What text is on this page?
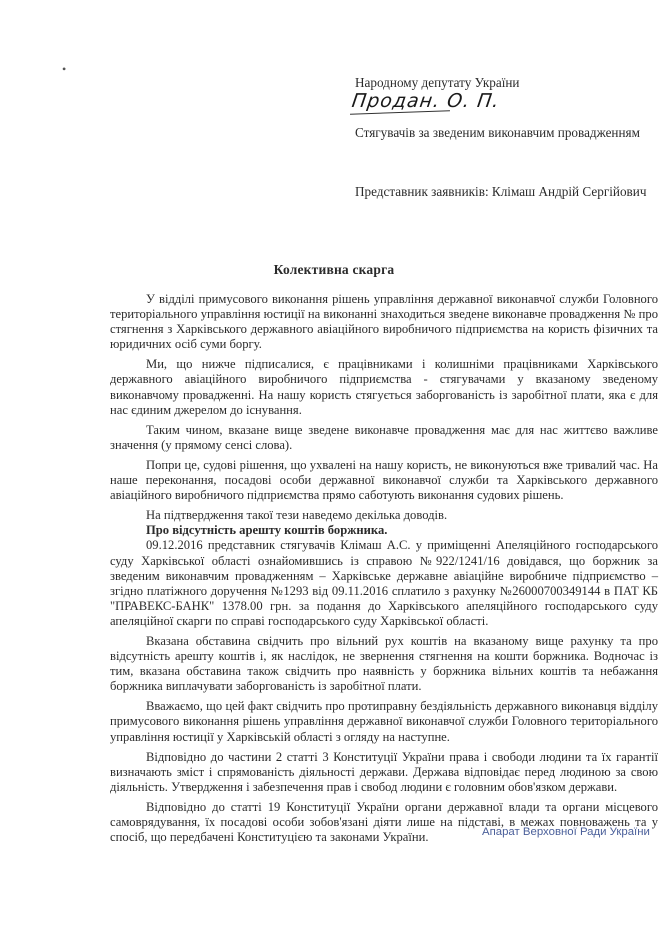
•
Народному депутату України
Продан. О. П.
Стягувачів за зведеним виконавчим провадженням
Представник заявників: Клімаш Андрій Сергійович
Колективна скарга

У відділі примусового виконання рішень управління державної виконавчої служби Головного територіального управління юстиції на виконанні знаходиться зведене виконавче провадження № про стягнення з Харківського державного авіаційного виробничого підприємства на користь фізичних та юридичних осіб суми боргу.

Ми, що нижче підписалися, є працівниками і колишніми працівниками Харківського державного авіаційного виробничого підприємства - стягувачами у вказаному зведеному виконавчому провадженні. На нашу користь стягується заборгованість із заробітної плати, яка є для нас єдиним джерелом до існування.

Таким чином, вказане вище зведене виконавче провадження має для нас життєво важливе значення (у прямому сенсі слова).

Попри це, судові рішення, що ухвалені на нашу користь, не виконуються вже тривалий час. На наше переконання, посадові особи державної виконавчої служби та Харківського державного авіаційного виробничого підприємства прямо саботують виконання судових рішень.

На підтвердження такої тези наведемо декілька доводів.

Про відсутність арешту коштів боржника.

09.12.2016 представник стягувачів Клімаш А.С. у приміщенні Апеляційного господарського суду Харківської області ознайомившись із справою №922/1241/16 довідався, що боржник за зведеним виконавчим провадженням – Харківське державне авіаційне виробниче підприємство – згідно платіжного доручення №1293 від 09.11.2016 сплатило з рахунку №26000700349144 в ПАТ КБ "ПРАВЕКС-БАНК" 1378.00 грн. за подання до Харківського апеляційного господарського суду апеляційної скарги по справі господарського суду Харківської області.

Вказана обставина свідчить про вільний рух коштів на вказаному вище рахунку та про відсутність арешту коштів і, як наслідок, не звернення стягнення на кошти боржника. Водночас із тим, вказана обставина також свідчить про наявність у боржника вільних коштів та небажання боржника виплачувати заборгованість із заробітної плати.

Вважаємо, що цей факт свідчить про протиправну бездіяльність державного виконавця відділу примусового виконання рішень управління державної виконавчої служби Головного територіального управління юстиції у Харківській області з огляду на наступне.

Відповідно до частини 2 статті 3 Конституції України права і свободи людини та їх гарантії визначають зміст і спрямованість діяльності держави. Держава відповідає перед людиною за свою діяльність. Утвердження і забезпечення прав і свобод людини є головним обов'язком держави.

Відповідно до статті 19 Конституції України органи державної влади та органи місцевого самоврядування, їх посадові особи зобов'язані діяти лише на підставі, в межах повноважень та у спосіб, що передбачені Конституцією та законами України.	Апарат Верховної Ради України
